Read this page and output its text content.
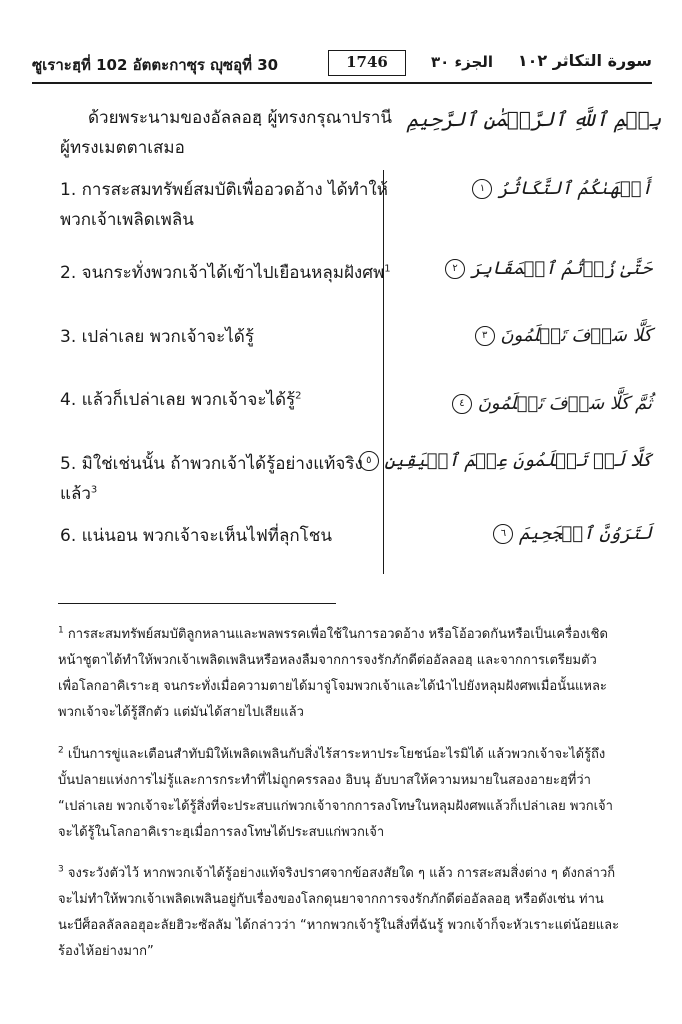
ซูเราะฮฺที่ 102 อัตตะกาซุร ญุซอุที่ 30	1746	الجزء ٣٠	سورة التكاثر ١٠٢
ด้วยพระนามของอัลลอฮฺ ผู้ทรงกรุณาปรานี
ผู้ทรงเมตตาเสมอ
بِسۡمِ ٱللَّهِ ٱلرَّحۡمَٰنِ ٱلرَّحِيمِ
1. การสะสมทรัพย์สมบัติเพื่ออวดอ้าง ได้ทำให้
พวกเจ้าเพลิดเพลิน
أَلۡهَىٰكُمُ ٱلتَّكَاثُرُ ١
2. จนกระทั่งพวกเจ้าได้เข้าไปเยือนหลุมฝังศพ$^1$	حَتَّىٰ زُرۡتُمُ ٱلۡمَقَابِرَ ٢
3. เปล่าเลย พวกเจ้าจะได้รู้	كَلَّا سَوۡفَ تَعۡلَمُونَ ٣
4. แล้วก็เปล่าเลย พวกเจ้าจะได้รู้$^2$	ثُمَّ كَلَّا سَوۡفَ تَعۡلَمُونَ ٤
5. มิใช่เช่นนั้น ถ้าพวกเจ้าได้รู้อย่างแท้จริง
แล้ว$^3$
كَلَّا لَوۡ تَعۡلَمُونَ عِلۡمَ ٱلۡيَقِينِ ٥
6. แน่นอน พวกเจ้าจะเห็นไฟที่ลุกโชน	لَتَرَوُنَّ ٱلۡجَحِيمَ ٦
$^1$ การสะสมทรัพย์สมบัติลูกหลานและพลพรรคเพื่อใช้ในการอวดอ้าง หรือโอ้อวดกันหรือเป็นเครื่องเชิด
หน้าชูตาได้ทำให้พวกเจ้าเพลิดเพลินหรือหลงลืมจากการจงรักภักดีต่ออัลลอฮฺ และจากการเตรียมตัว
เพื่อโลกอาคิเราะฮฺ จนกระทั่งเมื่อความตายได้มาจู่โจมพวกเจ้าและได้นำไปยังหลุมฝังศพเมื่อนั้นแหละ
พวกเจ้าจะได้รู้สึกตัว แต่มันได้สายไปเสียแล้ว
$^2$ เป็นการขู่และเตือนสำทับมิให้เพลิดเพลินกับสิ่งไร้สาระหาประโยชน์อะไรมิได้ แล้วพวกเจ้าจะได้รู้ถึง
บั้นปลายแห่งการไม่รู้และการกระทำที่ไม่ถูกครรลอง อิบนุ อับบาสให้ความหมายในสองอายะฮฺที่ว่า
“เปล่าเลย พวกเจ้าจะได้รู้สิ่งที่จะประสบแก่พวกเจ้าจากการลงโทษในหลุมฝังศพแล้วก็เปล่าเลย พวกเจ้า
จะได้รู้ในโลกอาคิเราะฮฺเมื่อการลงโทษได้ประสบแก่พวกเจ้า
$^3$ จงระวังตัวไว้ หากพวกเจ้าได้รู้อย่างแท้จริงปราศจากข้อสงสัยใด ๆ แล้ว การสะสมสิ่งต่าง ๆ ดังกล่าวก็
จะไม่ทำให้พวกเจ้าเพลิดเพลินอยู่กับเรื่องของโลกดุนยาจากการจงรักภักดีต่ออัลลอฮฺ หรือดังเช่น ท่าน
นะบีศ็อลลัลลอฮุอะลัยฮิวะซัลลัม ได้กล่าวว่า “หากพวกเจ้ารู้ในสิ่งที่ฉันรู้ พวกเจ้าก็จะหัวเราะแต่น้อยและ
ร้องไห้อย่างมาก”
